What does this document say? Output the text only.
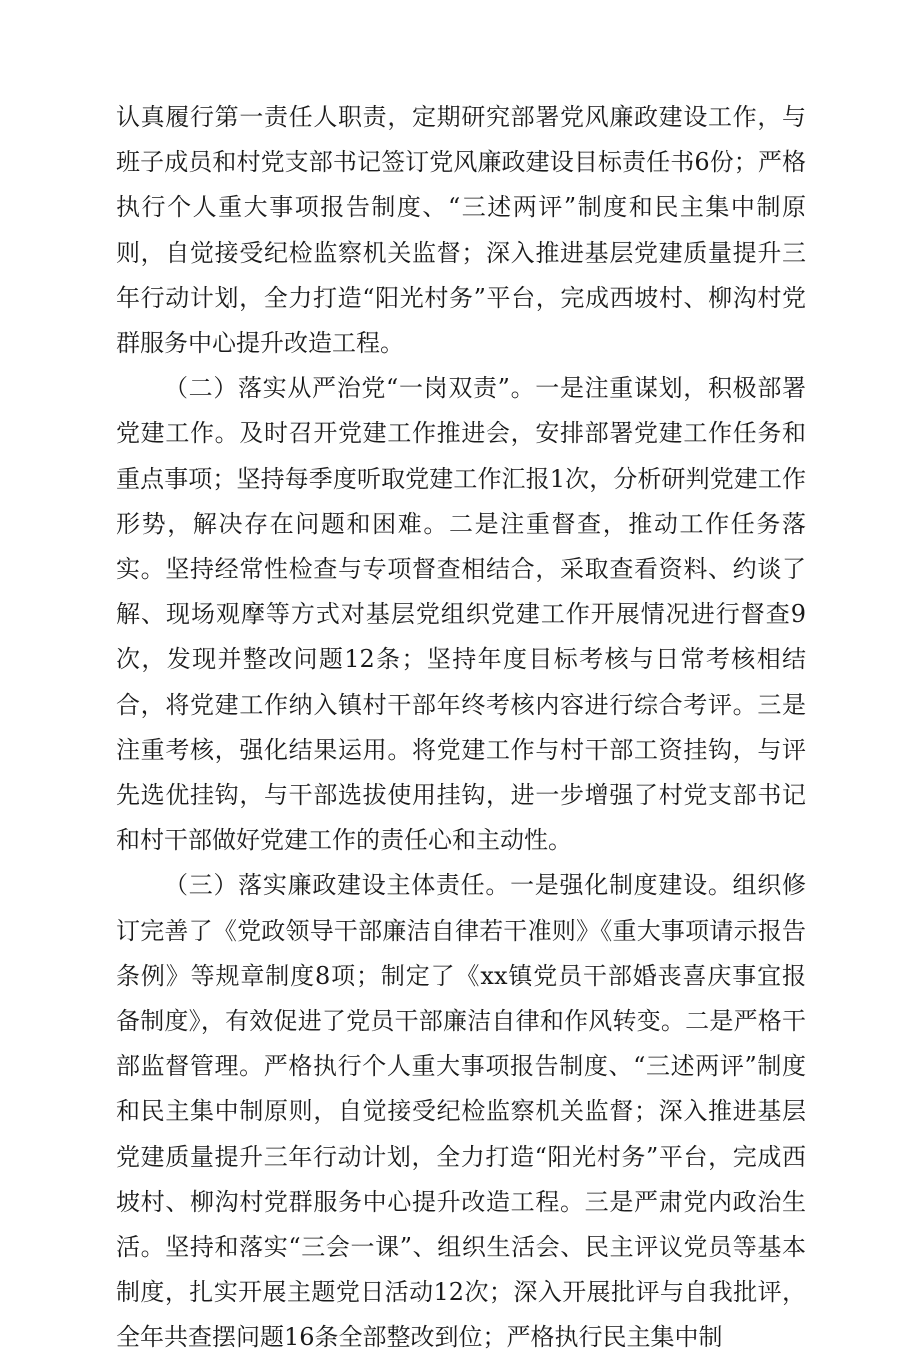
认真履行第一责任人职责，定期研究部署党风廉政建设工作，与班子成员和村党支部书记签订党风廉政建设目标责任书6份；严格执行个人重大事项报告制度、“三述两评”制度和民主集中制原则，自觉接受纪检监察机关监督；深入推进基层党建质量提升三年行动计划，全力打造“阳光村务”平台，完成西坡村、柳沟村党群服务中心提升改造工程。

（二）落实从严治党“一岗双责”。一是注重谋划，积极部署党建工作。及时召开党建工作推进会，安排部署党建工作任务和重点事项；坚持每季度听取党建工作汇报1次，分析研判党建工作形势，解决存在问题和困难。二是注重督查，推动工作任务落实。坚持经常性检查与专项督查相结合，采取查看资料、约谈了解、现场观摩等方式对基层党组织党建工作开展情况进行督查9次，发现并整改问题12条；坚持年度目标考核与日常考核相结合，将党建工作纳入镇村干部年终考核内容进行综合考评。三是注重考核，强化结果运用。将党建工作与村干部工资挂钩，与评先选优挂钩，与干部选拔使用挂钩，进一步增强了村党支部书记和村干部做好党建工作的责任心和主动性。

（三）落实廉政建设主体责任。一是强化制度建设。组织修订完善了《党政领导干部廉洁自律若干准则》《重大事项请示报告条例》等规章制度8项；制定了《xx镇党员干部婚丧喜庆事宜报备制度》，有效促进了党员干部廉洁自律和作风转变。二是严格干部监督管理。严格执行个人重大事项报告制度、“三述两评”制度和民主集中制原则，自觉接受纪检监察机关监督；深入推进基层党建质量提升三年行动计划，全力打造“阳光村务”平台，完成西坡村、柳沟村党群服务中心提升改造工程。三是严肃党内政治生活。坚持和落实“三会一课”、组织生活会、民主评议党员等基本制度，扎实开展主题党日活动12次；深入开展批评与自我批评，全年共查摆问题16条全部整改到位；严格执行民主集中制
